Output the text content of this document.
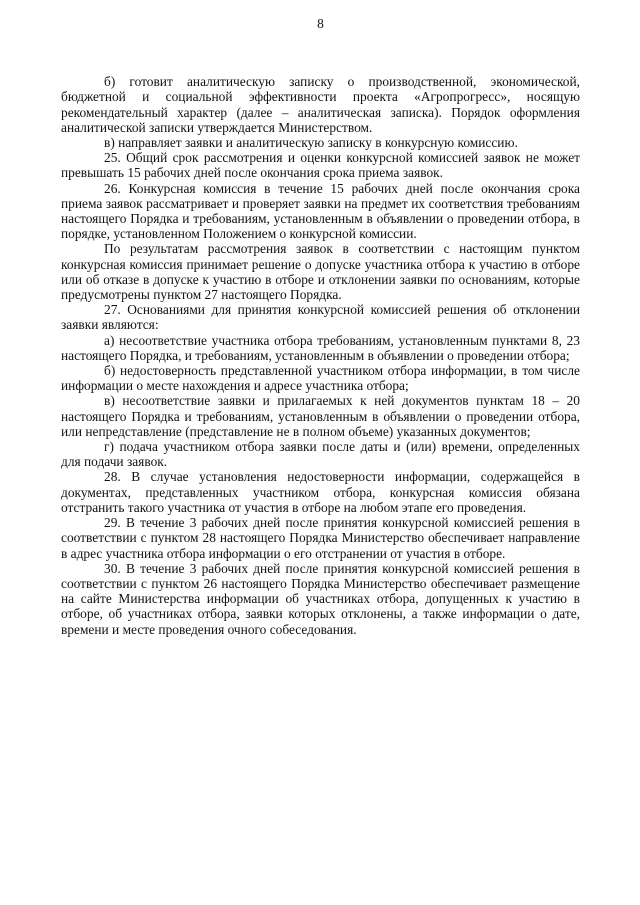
8

б) готовит аналитическую записку о производственной, экономической, бюджетной и социальной эффективности проекта «Агропрогресс», носящую рекомендательный характер (далее – аналитическая записка). Порядок оформления аналитической записки утверждается Министерством.

в) направляет заявки и аналитическую записку в конкурсную комиссию.

25. Общий срок рассмотрения и оценки конкурсной комиссией заявок не может превышать 15 рабочих дней после окончания срока приема заявок.

26. Конкурсная комиссия в течение 15 рабочих дней после окончания срока приема заявок рассматривает и проверяет заявки на предмет их соответствия требованиям настоящего Порядка и требованиям, установленным в объявлении о проведении отбора, в порядке, установленном Положением о конкурсной комиссии.

По результатам рассмотрения заявок в соответствии с настоящим пунктом конкурсная комиссия принимает решение о допуске участника отбора к участию в отборе или об отказе в допуске к участию в отборе и отклонении заявки по основаниям, которые предусмотрены пунктом 27 настоящего Порядка.

27. Основаниями для принятия конкурсной комиссией решения об отклонении заявки являются:

а) несоответствие участника отбора требованиям, установленным пунктами 8, 23 настоящего Порядка, и требованиям, установленным в объявлении о проведении отбора;

б) недостоверность представленной участником отбора информации, в том числе информации о месте нахождения и адресе участника отбора;

в) несоответствие заявки и прилагаемых к ней документов пунктам 18 – 20 настоящего Порядка и требованиям, установленным в объявлении о проведении отбора, или непредставление (представление не в полном объеме) указанных документов;

г) подача участником отбора заявки после даты и (или) времени, определенных для подачи заявок.

28. В случае установления недостоверности информации, содержащейся в документах, представленных участником отбора, конкурсная комиссия обязана отстранить такого участника от участия в отборе на любом этапе его проведения.

29. В течение 3 рабочих дней после принятия конкурсной комиссией решения в соответствии с пунктом 28 настоящего Порядка Министерство обеспечивает направление в адрес участника отбора информации о его отстранении от участия в отборе.

30. В течение 3 рабочих дней после принятия конкурсной комиссией решения в соответствии с пунктом 26 настоящего Порядка Министерство обеспечивает размещение на сайте Министерства информации об участниках отбора, допущенных к участию в отборе, об участниках отбора, заявки которых отклонены, а также информации о дате, времени и месте проведения очного собеседования.
